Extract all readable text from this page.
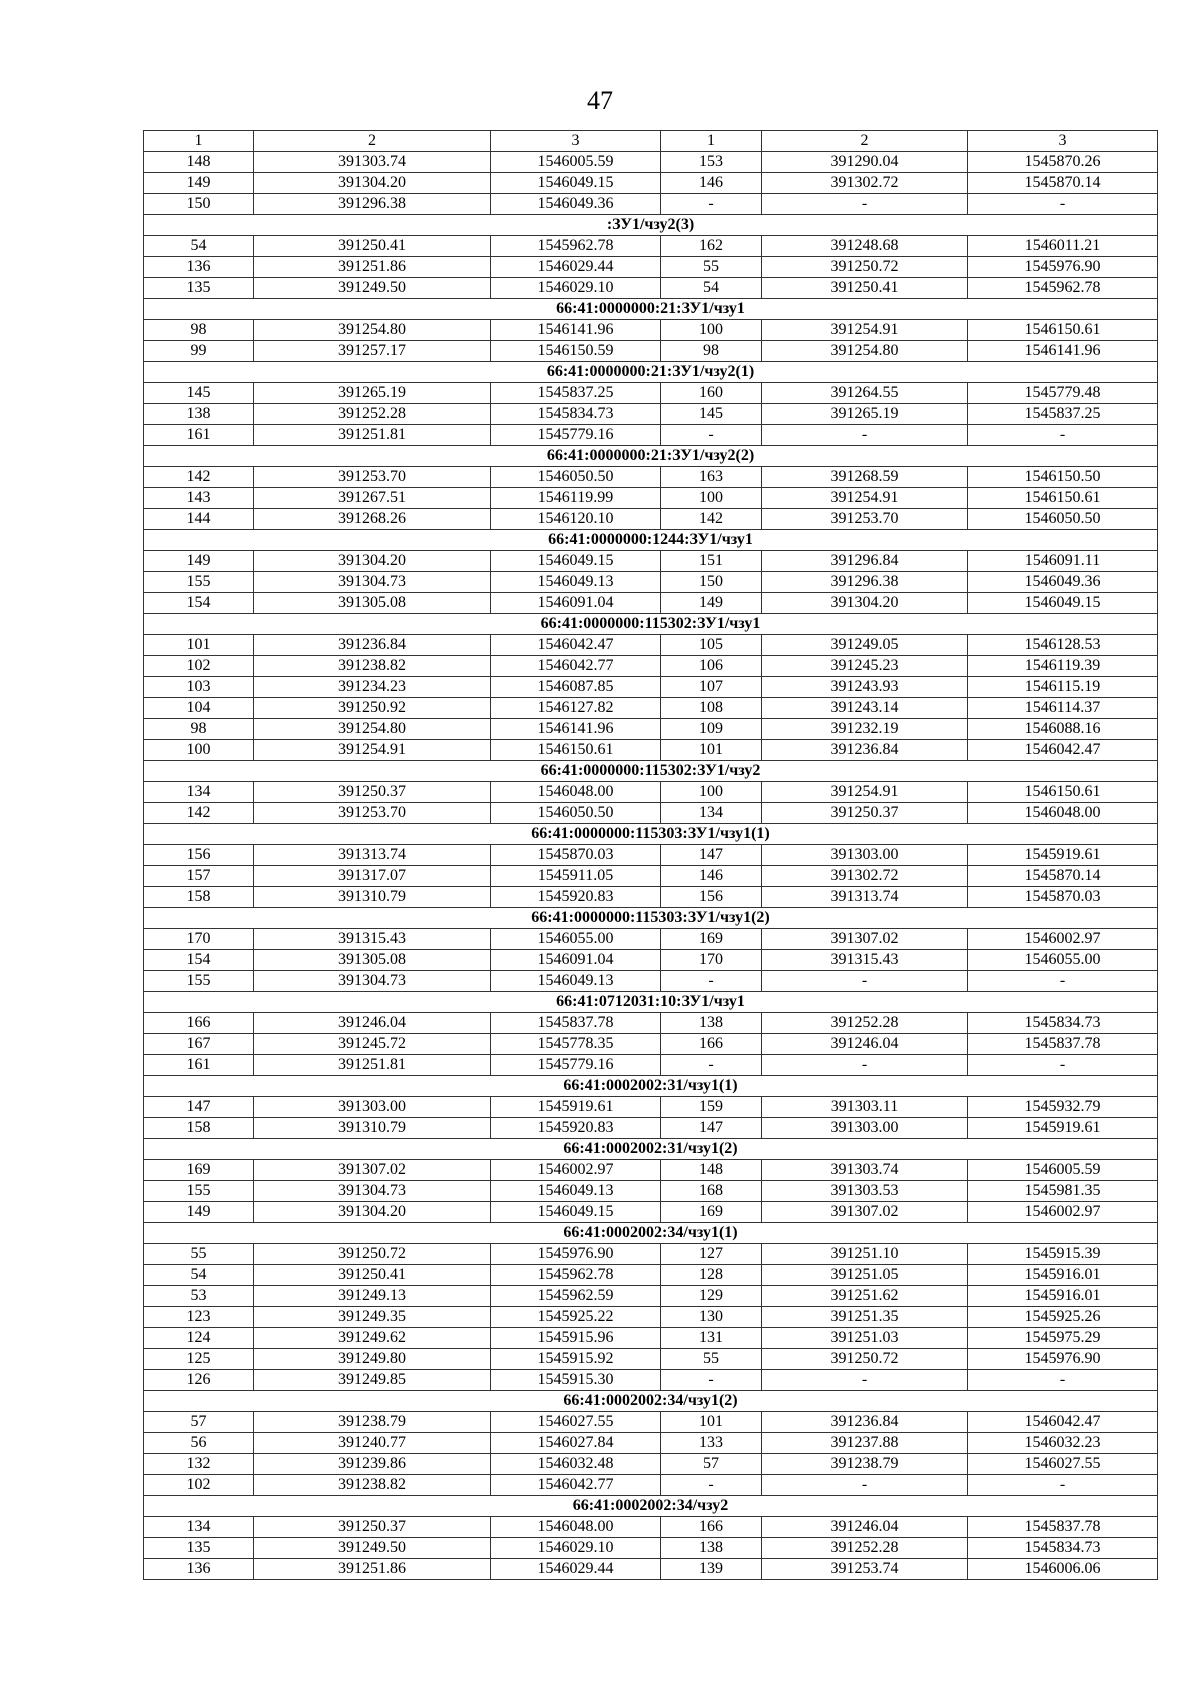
47
1	2	3	1	2	3
148	391303.74	1546005.59	153	391290.04	1545870.26
149	391304.20	1546049.15	146	391302.72	1545870.14
150	391296.38	1546049.36	-	-	-
:ЗУ1/чзу2(3)					
54	391250.41	1545962.78	162	391248.68	1546011.21
136	391251.86	1546029.44	55	391250.72	1545976.90
135	391249.50	1546029.10	54	391250.41	1545962.78
66:41:0000000:21:ЗУ1/чзу1					
98	391254.80	1546141.96	100	391254.91	1546150.61
99	391257.17	1546150.59	98	391254.80	1546141.96
66:41:0000000:21:ЗУ1/чзу2(1)					
145	391265.19	1545837.25	160	391264.55	1545779.48
138	391252.28	1545834.73	145	391265.19	1545837.25
161	391251.81	1545779.16	-	-	-
66:41:0000000:21:ЗУ1/чзу2(2)					
142	391253.70	1546050.50	163	391268.59	1546150.50
143	391267.51	1546119.99	100	391254.91	1546150.61
144	391268.26	1546120.10	142	391253.70	1546050.50
66:41:0000000:1244:ЗУ1/чзу1					
149	391304.20	1546049.15	151	391296.84	1546091.11
155	391304.73	1546049.13	150	391296.38	1546049.36
154	391305.08	1546091.04	149	391304.20	1546049.15
66:41:0000000:115302:ЗУ1/чзу1					
101	391236.84	1546042.47	105	391249.05	1546128.53
102	391238.82	1546042.77	106	391245.23	1546119.39
103	391234.23	1546087.85	107	391243.93	1546115.19
104	391250.92	1546127.82	108	391243.14	1546114.37
98	391254.80	1546141.96	109	391232.19	1546088.16
100	391254.91	1546150.61	101	391236.84	1546042.47
66:41:0000000:115302:ЗУ1/чзу2					
134	391250.37	1546048.00	100	391254.91	1546150.61
142	391253.70	1546050.50	134	391250.37	1546048.00
66:41:0000000:115303:ЗУ1/чзу1(1)					
156	391313.74	1545870.03	147	391303.00	1545919.61
157	391317.07	1545911.05	146	391302.72	1545870.14
158	391310.79	1545920.83	156	391313.74	1545870.03
66:41:0000000:115303:ЗУ1/чзу1(2)					
170	391315.43	1546055.00	169	391307.02	1546002.97
154	391305.08	1546091.04	170	391315.43	1546055.00
155	391304.73	1546049.13	-	-	-
66:41:0712031:10:ЗУ1/чзу1					
166	391246.04	1545837.78	138	391252.28	1545834.73
167	391245.72	1545778.35	166	391246.04	1545837.78
161	391251.81	1545779.16	-	-	-
66:41:0002002:31/чзу1(1)					
147	391303.00	1545919.61	159	391303.11	1545932.79
158	391310.79	1545920.83	147	391303.00	1545919.61
66:41:0002002:31/чзу1(2)					
169	391307.02	1546002.97	148	391303.74	1546005.59
155	391304.73	1546049.13	168	391303.53	1545981.35
149	391304.20	1546049.15	169	391307.02	1546002.97
66:41:0002002:34/чзу1(1)					
55	391250.72	1545976.90	127	391251.10	1545915.39
54	391250.41	1545962.78	128	391251.05	1545916.01
53	391249.13	1545962.59	129	391251.62	1545916.01
123	391249.35	1545925.22	130	391251.35	1545925.26
124	391249.62	1545915.96	131	391251.03	1545975.29
125	391249.80	1545915.92	55	391250.72	1545976.90
126	391249.85	1545915.30	-	-	-
66:41:0002002:34/чзу1(2)					
57	391238.79	1546027.55	101	391236.84	1546042.47
56	391240.77	1546027.84	133	391237.88	1546032.23
132	391239.86	1546032.48	57	391238.79	1546027.55
102	391238.82	1546042.77	-	-	-
66:41:0002002:34/чзу2					
134	391250.37	1546048.00	166	391246.04	1545837.78
135	391249.50	1546029.10	138	391252.28	1545834.73
136	391251.86	1546029.44	139	391253.74	1546006.06
